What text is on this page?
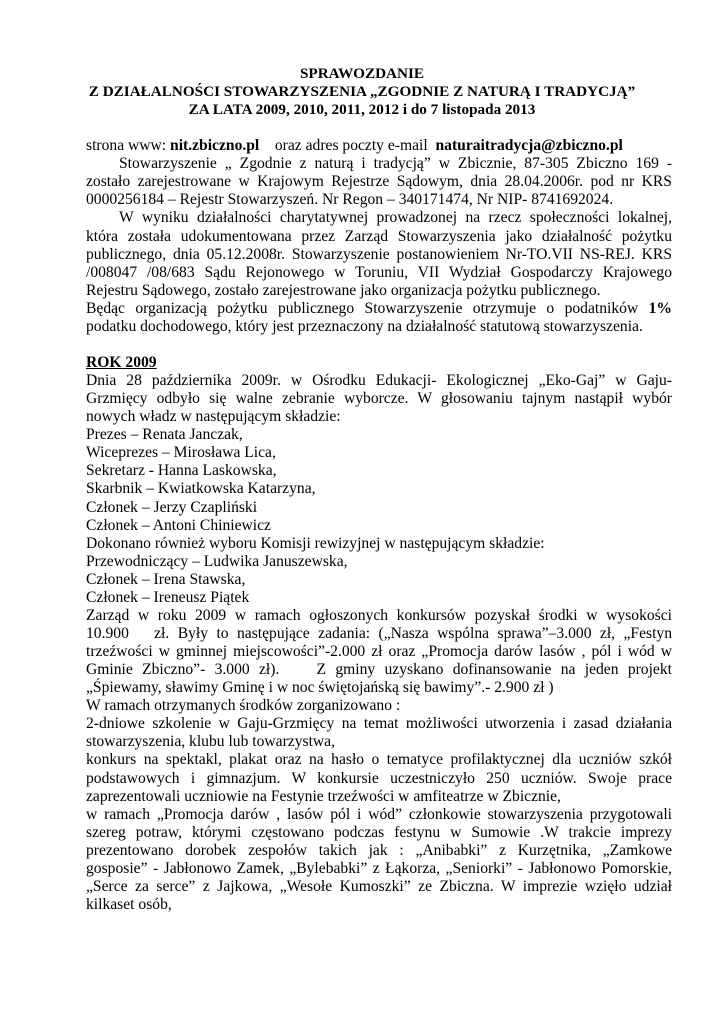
SPRAWOZDANIE
Z DZIAŁALNOŚCI STOWARZYSZENIA „ZGODNIE Z NATURĄ I TRADYCJĄ”
ZA LATA 2009, 2010, 2011, 2012 i do 7 listopada 2013
strona www: nit.zbiczno.pl    oraz adres poczty e-mail  naturaitradycja@zbiczno.pl
Stowarzyszenie „ Zgodnie z naturą i tradycją” w Zbicznie, 87-305 Zbiczno 169 -
zostało zarejestrowane w Krajowym Rejestrze Sądowym, dnia 28.04.2006r. pod nr KRS
0000256184 – Rejestr Stowarzyszeń. Nr Regon – 340171474, Nr NIP- 8741692024.
W wyniku działalności charytatywnej prowadzonej na rzecz społeczności lokalnej,
która została udokumentowana przez Zarząd Stowarzyszenia jako działalność pożytku
publicznego, dnia 05.12.2008r. Stowarzyszenie postanowieniem Nr-TO.VII NS-REJ. KRS
/008047 /08/683 Sądu Rejonowego w Toruniu, VII Wydział Gospodarczy Krajowego
Rejestru Sądowego, zostało zarejestrowane jako organizacja pożytku publicznego.
Będąc organizacją pożytku publicznego Stowarzyszenie otrzymuje o podatników 1%
podatku dochodowego, który jest przeznaczony na działalność statutową stowarzyszenia.
ROK 2009
Dnia 28 października 2009r. w Ośrodku Edukacji- Ekologicznej „Eko-Gaj” w Gaju-
Grzmięcy odbyło się walne zebranie wyborcze. W głosowaniu tajnym nastąpił wybór
nowych władz w następującym składzie:
Prezes – Renata Janczak,
Wiceprezes – Mirosława Lica,
Sekretarz - Hanna Laskowska,
Skarbnik – Kwiatkowska Katarzyna,
Członek – Jerzy Czapliński
Członek – Antoni Chiniewicz
Dokonano również wyboru Komisji rewizyjnej w następującym składzie:
Przewodniczący – Ludwika Januszewska,
Członek – Irena Stawska,
Członek – Ireneusz Piątek
Zarząd w roku 2009 w ramach ogłoszonych konkursów pozyskał środki w wysokości
10.900   zł. Były to następujące zadania: („Nasza wspólna sprawa”–3.000 zł, „Festyn
trzeźwości w gminnej miejscowości”-2.000 zł oraz „Promocja darów lasów , pól i wód w
Gminie Zbiczno”- 3.000 zł).    Z gminy uzyskano dofinansowanie na jeden projekt
„Śpiewamy, sławimy Gminę i w noc świętojańską się bawimy”.- 2.900 zł )
W ramach otrzymanych środków zorganizowano :
2-dniowe szkolenie w Gaju-Grzmięcy na temat możliwości utworzenia i zasad działania
stowarzyszenia, klubu lub towarzystwa,
konkurs na spektakl, plakat oraz na hasło o tematyce profilaktycznej dla uczniów szkół
podstawowych i gimnazjum. W konkursie uczestniczyło 250 uczniów. Swoje prace
zaprezentowali uczniowie na Festynie trzeźwości w amfiteatrze w Zbicznie,
w ramach „Promocja darów , lasów pól i wód” członkowie stowarzyszenia przygotowali
szereg potraw, którymi częstowano podczas festynu w Sumowie .W trakcie imprezy
prezentowano dorobek zespołów takich jak : „Anibabki” z Kurzętnika, „Zamkowe
gosposie” - Jabłonowo Zamek, „Bylebabki” z Łąkorza, „Seniorki” - Jabłonowo Pomorskie,
„Serce za serce” z Jajkowa, „Wesołe Kumoszki” ze Zbiczna. W imprezie wzięło udział
kilkaset osób,
